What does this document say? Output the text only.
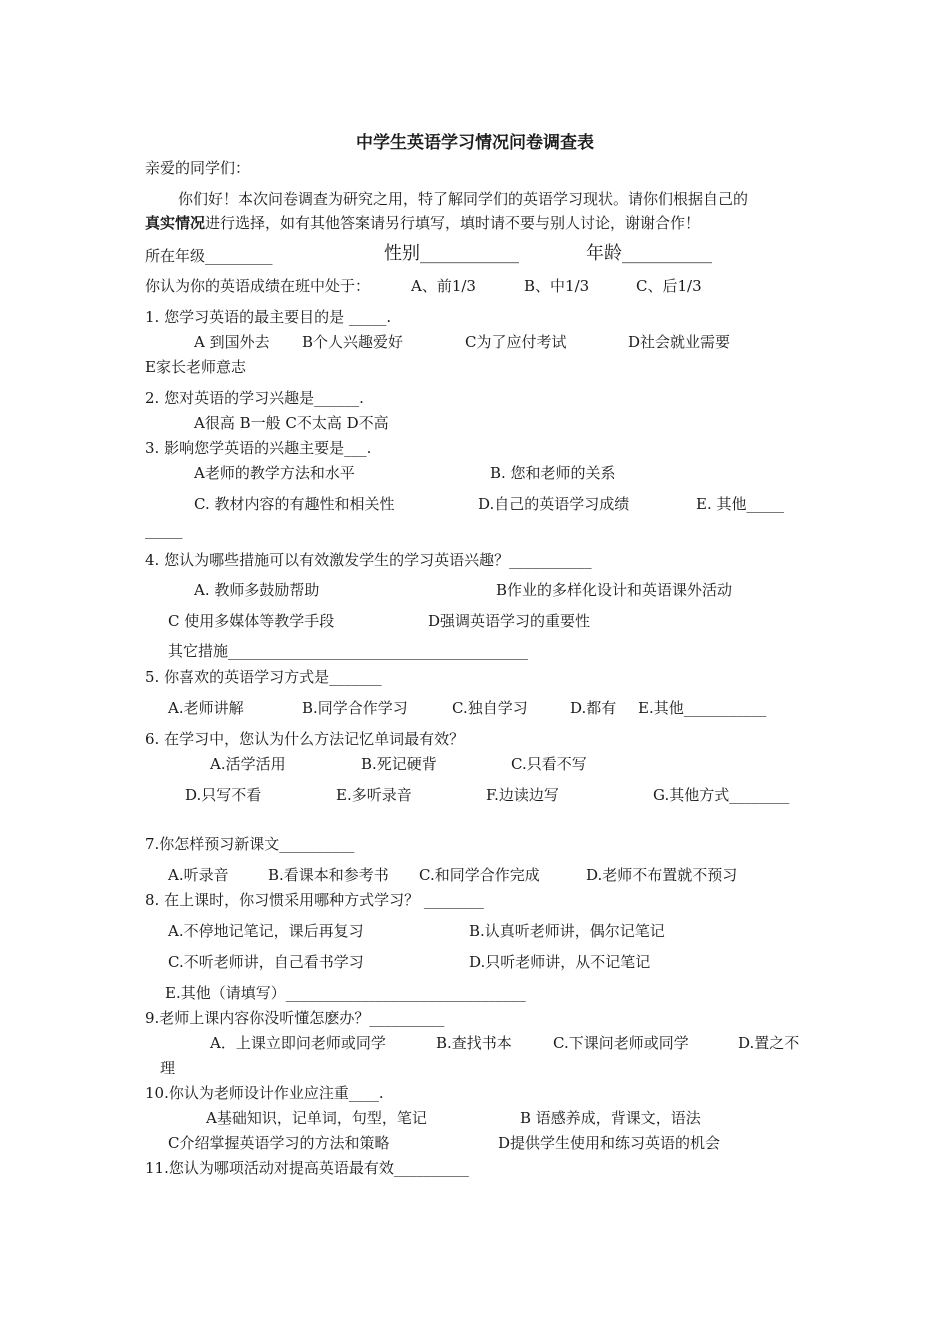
中学生英语学习情况问卷调查表
亲爱的同学们：
你们好！本次问卷调查为研究之用，特了解同学们的英语学习现状。请你们根据自己的
真实情况进行选择，如有其他答案请另行填写，填时请不要与别人讨论，谢谢合作！
所在年级_________	性别___________	年龄__________
你认为你的英语成绩在班中处于：	A、前1/3	B、中1/3	C、后1/3
1. 您学习英语的最主要目的是 _____.
A 到国外去 B个人兴趣爱好	C为了应付考试	D社会就业需要
E家长老师意志
2. 您对英语的学习兴趣是______.
A很高 B一般 C不太高 D不高
3. 影响您学英语的兴趣主要是___.
A老师的教学方法和水平	B. 您和老师的关系
C. 教材内容的有趣性和相关性	D.自己的英语学习成绩	E. 其他_____
_____
4. 您认为哪些措施可以有效激发学生的学习英语兴趣？___________
A. 教师多鼓励帮助	B作业的多样化设计和英语课外活动
C 使用多媒体等教学手段	D强调英语学习的重要性
其它措施________________________________________
5. 你喜欢的英语学习方式是_______
A.老师讲解	B.同学合作学习	C.独自学习	D.都有 E.其他___________
6. 在学习中，您认为什么方法记忆单词最有效？
A.活学活用	B.死记硬背	C.只看不写
D.只写不看	E.多听录音	F.边读边写	G.其他方式________
7.你怎样预习新课文__________
A.听录音	B.看课本和参考书 C.和同学合作完成	D.老师不布置就不预习
8. 在上课时，你习惯采用哪种方式学习？ ________
A.不停地记笔记，课后再复习	B.认真听老师讲，偶尔记笔记
C.不听老师讲，自己看书学习	D.只听老师讲，从不记笔记
E.其他（请填写）________________________________
9.老师上课内容你没听懂怎麽办？__________
A．上课立即问老师或同学	B.查找书本	C.下课问老师或同学	D.置之不
理
10.你认为老师设计作业应注重____.
A基础知识，记单词，句型，笔记	B 语感养成，背课文，语法
C介绍掌握英语学习的方法和策略	D提供学生使用和练习英语的机会
11.您认为哪项活动对提高英语最有效__________
